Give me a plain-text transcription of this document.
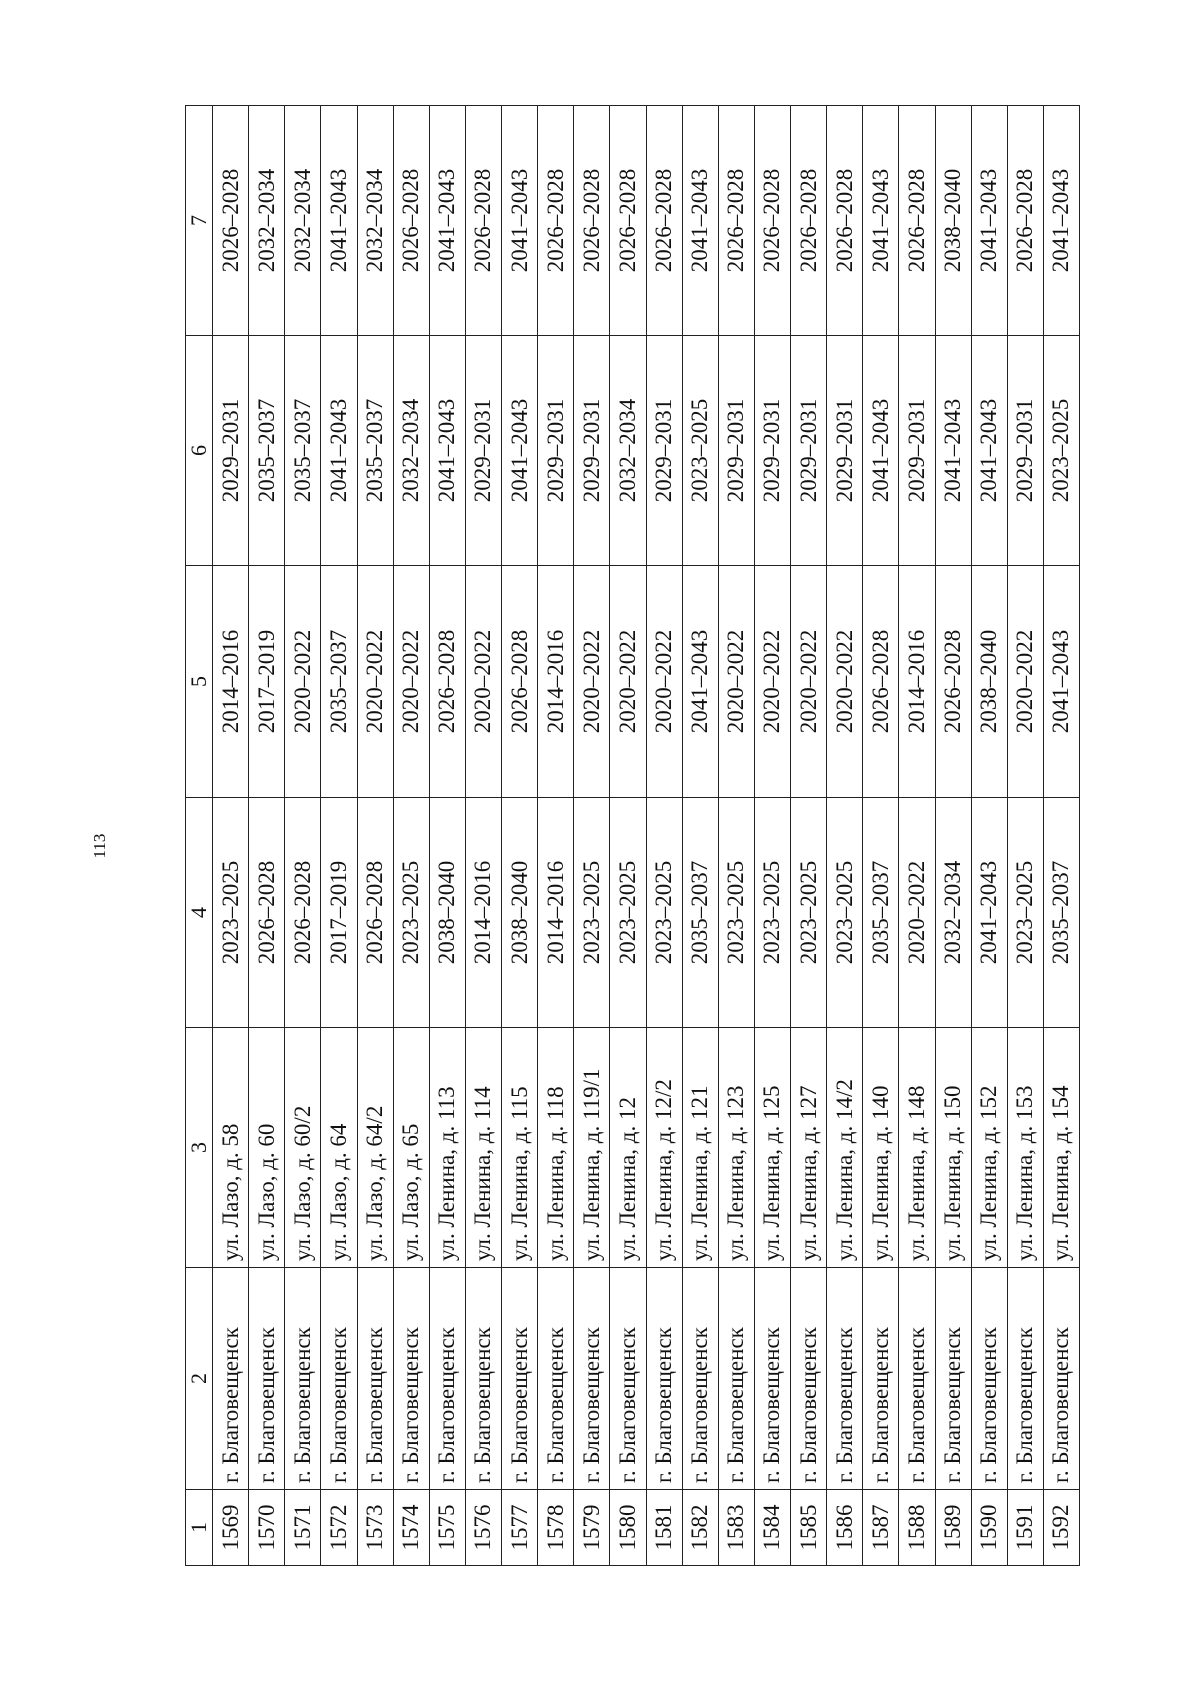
113
1	2	3	4	5	6	7
1569	г. Благовещенск	ул. Лазо, д. 58	2023–2025	2014–2016	2029–2031	2026–2028
1570	г. Благовещенск	ул. Лазо, д. 60	2026–2028	2017–2019	2035–2037	2032–2034
1571	г. Благовещенск	ул. Лазо, д. 60/2	2026–2028	2020–2022	2035–2037	2032–2034
1572	г. Благовещенск	ул. Лазо, д. 64	2017–2019	2035–2037	2041–2043	2041–2043
1573	г. Благовещенск	ул. Лазо, д. 64/2	2026–2028	2020–2022	2035–2037	2032–2034
1574	г. Благовещенск	ул. Лазо, д. 65	2023–2025	2020–2022	2032–2034	2026–2028
1575	г. Благовещенск	ул. Ленина, д. 113	2038–2040	2026–2028	2041–2043	2041–2043
1576	г. Благовещенск	ул. Ленина, д. 114	2014–2016	2020–2022	2029–2031	2026–2028
1577	г. Благовещенск	ул. Ленина, д. 115	2038–2040	2026–2028	2041–2043	2041–2043
1578	г. Благовещенск	ул. Ленина, д. 118	2014–2016	2014–2016	2029–2031	2026–2028
1579	г. Благовещенск	ул. Ленина, д. 119/1	2023–2025	2020–2022	2029–2031	2026–2028
1580	г. Благовещенск	ул. Ленина, д. 12	2023–2025	2020–2022	2032–2034	2026–2028
1581	г. Благовещенск	ул. Ленина, д. 12/2	2023–2025	2020–2022	2029–2031	2026–2028
1582	г. Благовещенск	ул. Ленина, д. 121	2035–2037	2041–2043	2023–2025	2041–2043
1583	г. Благовещенск	ул. Ленина, д. 123	2023–2025	2020–2022	2029–2031	2026–2028
1584	г. Благовещенск	ул. Ленина, д. 125	2023–2025	2020–2022	2029–2031	2026–2028
1585	г. Благовещенск	ул. Ленина, д. 127	2023–2025	2020–2022	2029–2031	2026–2028
1586	г. Благовещенск	ул. Ленина, д. 14/2	2023–2025	2020–2022	2029–2031	2026–2028
1587	г. Благовещенск	ул. Ленина, д. 140	2035–2037	2026–2028	2041–2043	2041–2043
1588	г. Благовещенск	ул. Ленина, д. 148	2020–2022	2014–2016	2029–2031	2026–2028
1589	г. Благовещенск	ул. Ленина, д. 150	2032–2034	2026–2028	2041–2043	2038–2040
1590	г. Благовещенск	ул. Ленина, д. 152	2041–2043	2038–2040	2041–2043	2041–2043
1591	г. Благовещенск	ул. Ленина, д. 153	2023–2025	2020–2022	2029–2031	2026–2028
1592	г. Благовещенск	ул. Ленина, д. 154	2035–2037	2041–2043	2023–2025	2041–2043
